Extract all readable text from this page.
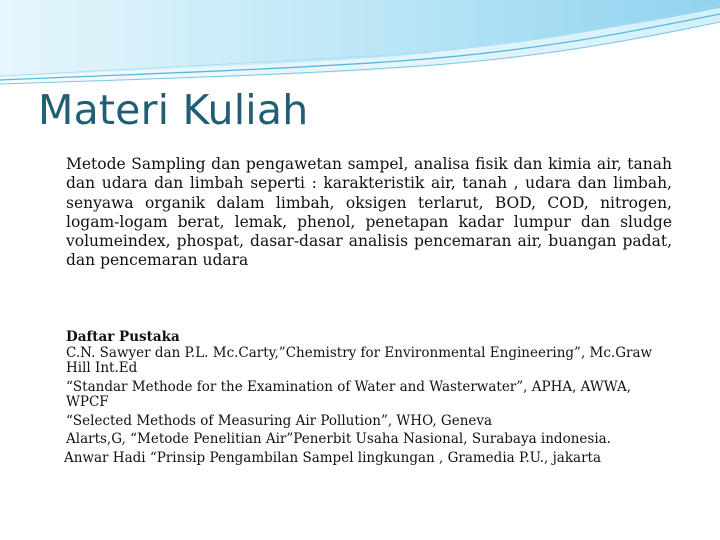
Materi Kuliah
Metode Sampling dan pengawetan sampel, analisa fisik dan kimia air, tanah dan udara dan limbah seperti : karakteristik air, tanah , udara dan limbah, senyawa organik dalam limbah, oksigen terlarut, BOD, COD, nitrogen, logam-logam berat, lemak, phenol, penetapan kadar lumpur dan sludge volumeindex, phospat, dasar-dasar analisis pencemaran air, buangan padat, dan pencemaran udara
Daftar Pustaka
C.N. Sawyer dan P.L. Mc.Carty,”Chemistry for Environmental Engineering”, Mc.Graw Hill Int.Ed
“Standar Methode for the Examination of Water and Wasterwater”, APHA, AWWA, WPCF
“Selected Methods of Measuring Air Pollution”, WHO, Geneva
Alarts,G, “Metode Penelitian Air”Penerbit Usaha Nasional, Surabaya indonesia.
Anwar Hadi “Prinsip Pengambilan Sampel lingkungan , Gramedia P.U., jakarta
